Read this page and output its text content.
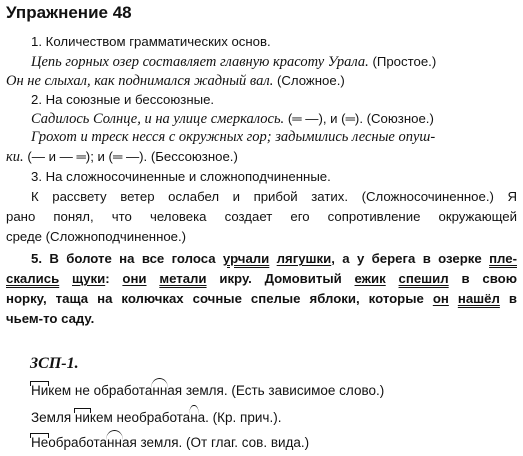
Упражнение 48
1. Количеством грамматических основ.
Цепь горных озер составляет главную красоту Урала. (Простое.)
Он не слыхал, как поднимался жадный вал. (Сложное.)
2. На союзные и бессоюзные.
Садилось Солнце, и на улице смеркалось. (═ —), и (═). (Союзное.)
Грохот и треск несся с окружных гор; задымились лесные опуш-
ки. (— и — ═); и (═ —). (Бессоюзное.)
3. На сложносочиненные и сложноподчиненные.
К рассвету ветер ослабел и прибой затих. (Сложносочиненное.) Я
рано понял, что человека создает его сопротивление окружающей
среде (Сложноподчиненное.)
5. В болоте на все голоса урчали лягушки, а у берега в озерке пле-
скались щуки: они метали икру. Домовитый ежик спешил в свою
норку, таща на колючках сочные спелые яблоки, которые он нашёл в
чьем-то саду.
ЗСП-1.
Никем не обработанная земля. (Есть зависимое слово.)
Земля никем необработана. (Кр. прич.).
Необработанная земля. (От глаг. сов. вида.)
